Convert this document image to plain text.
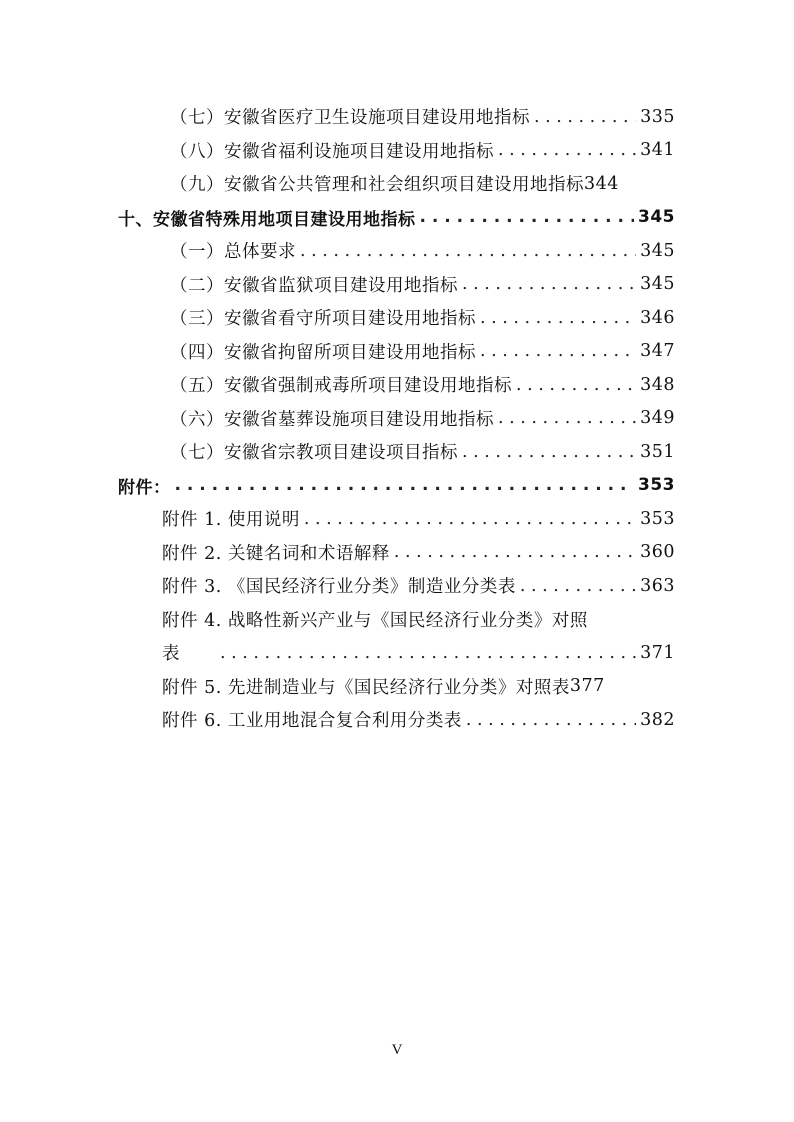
（七）安徽省医疗卫生设施项目建设用地指标 . . .	335
（八）安徽省福利设施项目建设用地指标 . . .	341
（九）安徽省公共管理和社会组织项目建设用地指标 344
十、安徽省特殊用地项目建设用地指标 . . .	345
（一）总体要求 . . .	345
（二）安徽省监狱项目建设用地指标 . . .	345
（三）安徽省看守所项目建设用地指标 . . .	346
（四）安徽省拘留所项目建设用地指标 . . .	347
（五）安徽省强制戒毒所项目建设用地指标 . . .	348
（六）安徽省墓葬设施项目建设用地指标 . . .	349
（七）安徽省宗教项目建设项目指标 . . .	351
附件： . . .	353
附件 1. 使用说明 . . .	353
附件 2. 关键名词和术语解释 . . .	360
附件 3. 《国民经济行业分类》制造业分类表 . . .	363
附件 4. 战略性新兴产业与《国民经济行业分类》对照
表 . . .	371
附件 5. 先进制造业与《国民经济行业分类》对照表 377
附件 6. 工业用地混合复合利用分类表 . . .	382
V
